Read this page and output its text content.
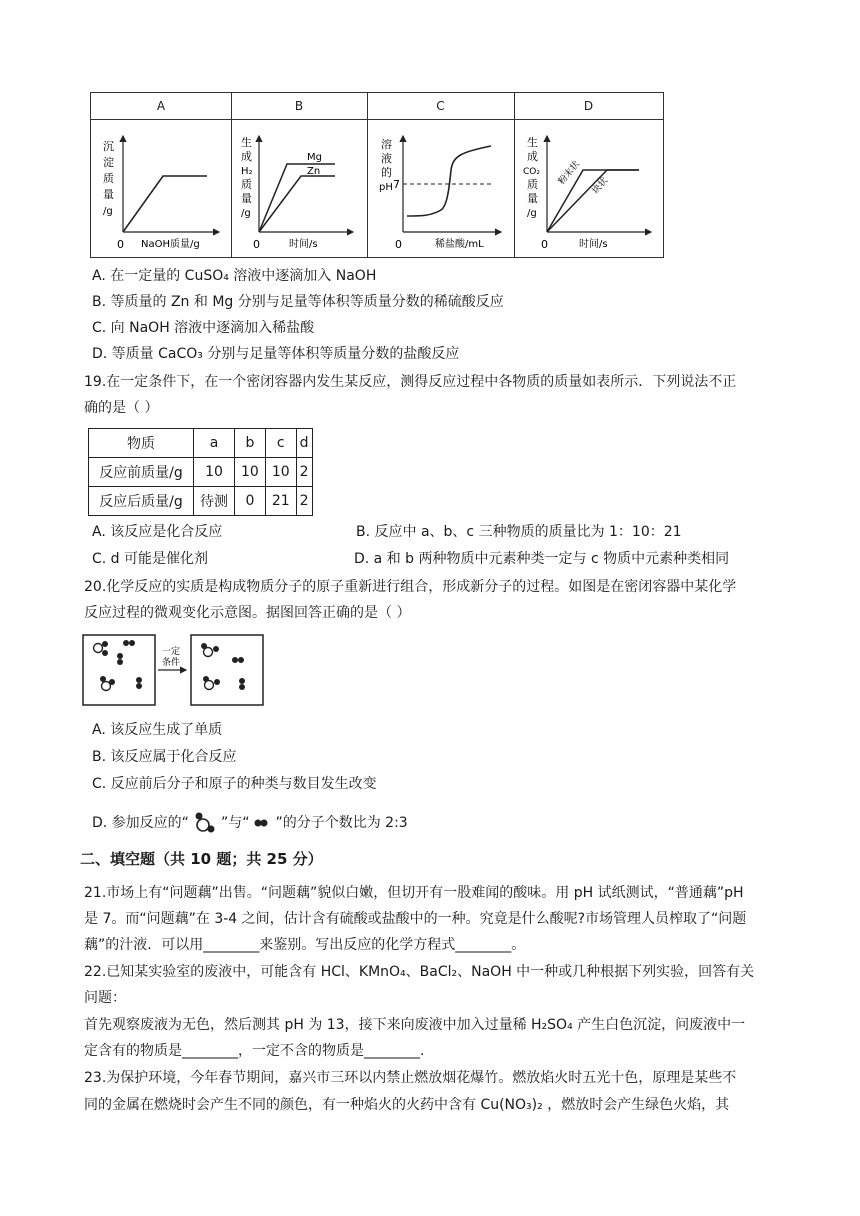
A	B	C	D
0 NaOH质量/g
沉
淀
质
量
/g
Mg
Zn
0	时间/s
生
成
H₂
质
量
/g
0
7
稀盐酸/mL
溶
液
的
pH
粉末状 块状
0	时间/s
生
成
CO₂
质
量
/g
A. 在一定量的 CuSO₄ 溶液中逐滴加入 NaOH
B. 等质量的 Zn 和 Mg 分别与足量等体积等质量分数的稀硫酸反应
C. 向 NaOH 溶液中逐滴加入稀盐酸
D. 等质量 CaCO₃ 分别与足量等体积等质量分数的盐酸反应
19.在一定条件下，在一个密闭容器内发生某反应，测得反应过程中各物质的质量如表所示．下列说法不正
确的是（ ）
物质	a	b	c	d
反应前质量/g	10	10	10	2
反应后质量/g	待测	0	21	2
A. 该反应是化合反应	B. 反应中 a、b、c 三种物质的质量比为 1：10：21
C. d 可能是催化剂	D. a 和 b 两种物质中元素种类一定与 c 物质中元素种类相同
20.化学反应的实质是构成物质分子的原子重新进行组合，形成新分子的过程。如图是在密闭容器中某化学
反应过程的微观变化示意图。据图回答正确的是（ ）
一定
条件
A. 该反应生成了单质
B. 该反应属于化合反应
C. 反应前后分子和原子的种类与数目发生改变
D. 参加反应的“ ”与“ ”的分子个数比为 2:3
二、填空题（共 10 题；共 25 分）
21.市场上有“问题藕”出售。“问题藕”貌似白嫩，但切开有一股难闻的酸味。用 pH 试纸测试，“普通藕”pH
是 7。而“问题藕”在 3-4 之间，估计含有硫酸或盐酸中的一种。究竟是什么酸呢?市场管理人员榨取了“问题
藕”的汁液．可以用________来鉴别。写出反应的化学方程式________。
22.已知某实验室的废液中，可能含有 HCl、KMnO₄、BaCl₂、NaOH 中一种或几种根据下列实验，回答有关
问题：
首先观察废液为无色，然后测其 pH 为 13，接下来向废液中加入过量稀 H₂SO₄ 产生白色沉淀，问废液中一
定含有的物质是________，一定不含的物质是________.
23.为保护环境，今年春节期间，嘉兴市三环以内禁止燃放烟花爆竹。燃放焰火时五光十色，原理是某些不
同的金属在燃烧时会产生不同的颜色，有一种焰火的火药中含有 Cu(NO₃)₂ ，燃放时会产生绿色火焰，其
